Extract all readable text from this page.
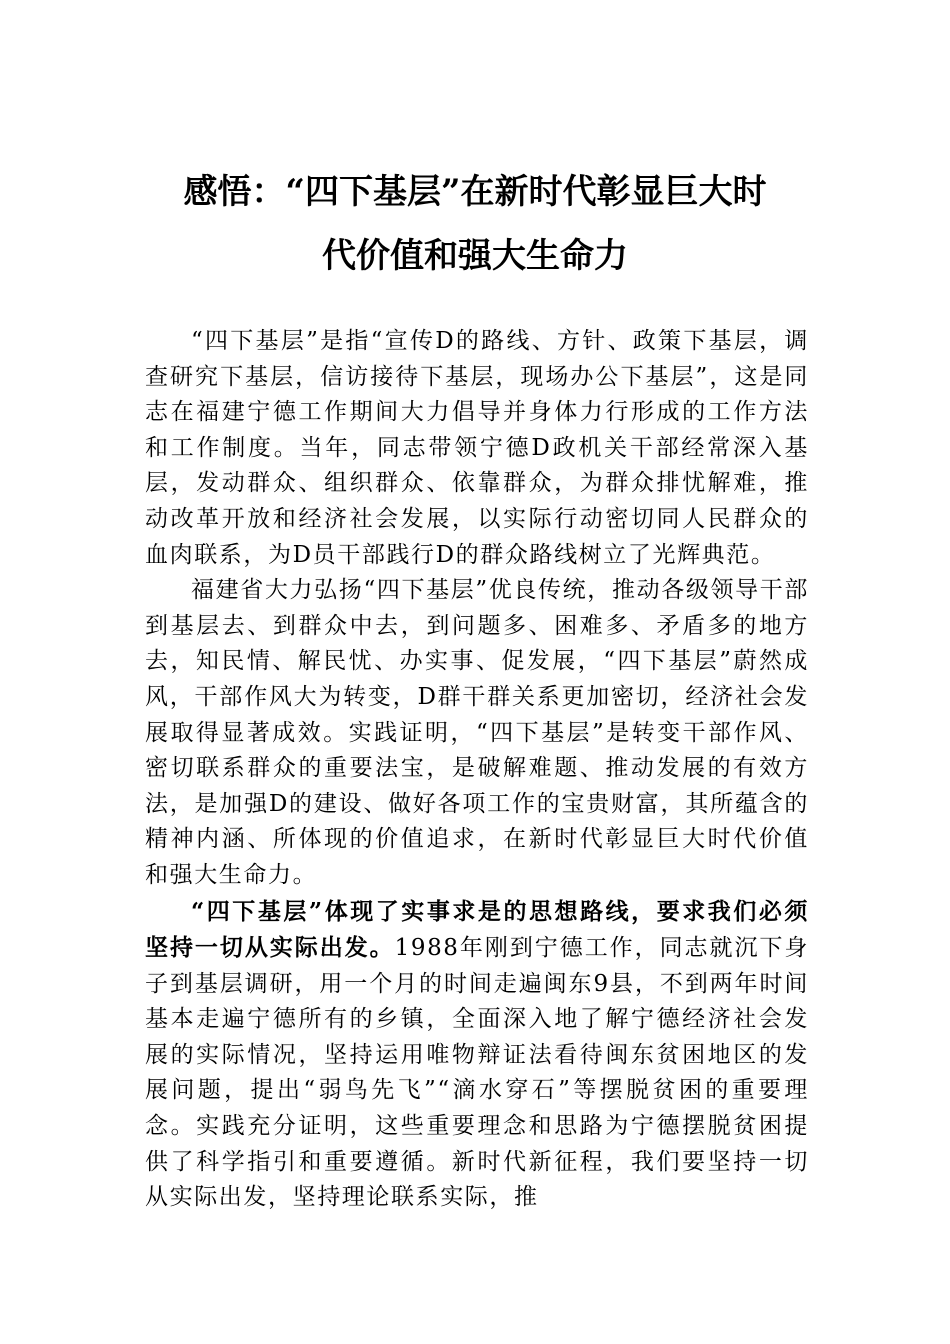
感悟：“四下基层”在新时代彰显巨大时
代价值和强大生命力

“四下基层”是指“宣传D的路线、方针、政策下基层，调查研究下基层，信访接待下基层，现场办公下基层”，这是同志在福建宁德工作期间大力倡导并身体力行形成的工作方法和工作制度。当年，同志带领宁德D政机关干部经常深入基层，发动群众、组织群众、依靠群众，为群众排忧解难，推动改革开放和经济社会发展，以实际行动密切同人民群众的血肉联系，为D员干部践行D的群众路线树立了光辉典范。

福建省大力弘扬“四下基层”优良传统，推动各级领导干部到基层去、到群众中去，到问题多、困难多、矛盾多的地方去，知民情、解民忧、办实事、促发展，“四下基层”蔚然成风，干部作风大为转变，D群干群关系更加密切，经济社会发展取得显著成效。实践证明，“四下基层”是转变干部作风、密切联系群众的重要法宝，是破解难题、推动发展的有效方法，是加强D的建设、做好各项工作的宝贵财富，其所蕴含的精神内涵、所体现的价值追求，在新时代彰显巨大时代价值和强大生命力。

“四下基层”体现了实事求是的思想路线，要求我们必须坚持一切从实际出发。1988年刚到宁德工作，同志就沉下身子到基层调研，用一个月的时间走遍闽东9县，不到两年时间基本走遍宁德所有的乡镇，全面深入地了解宁德经济社会发展的实际情况，坚持运用唯物辩证法看待闽东贫困地区的发展问题，提出“弱鸟先飞”“滴水穿石”等摆脱贫困的重要理念。实践充分证明，这些重要理念和思路为宁德摆脱贫困提供了科学指引和重要遵循。新时代新征程，我们要坚持一切从实际出发，坚持理论联系实际，推
